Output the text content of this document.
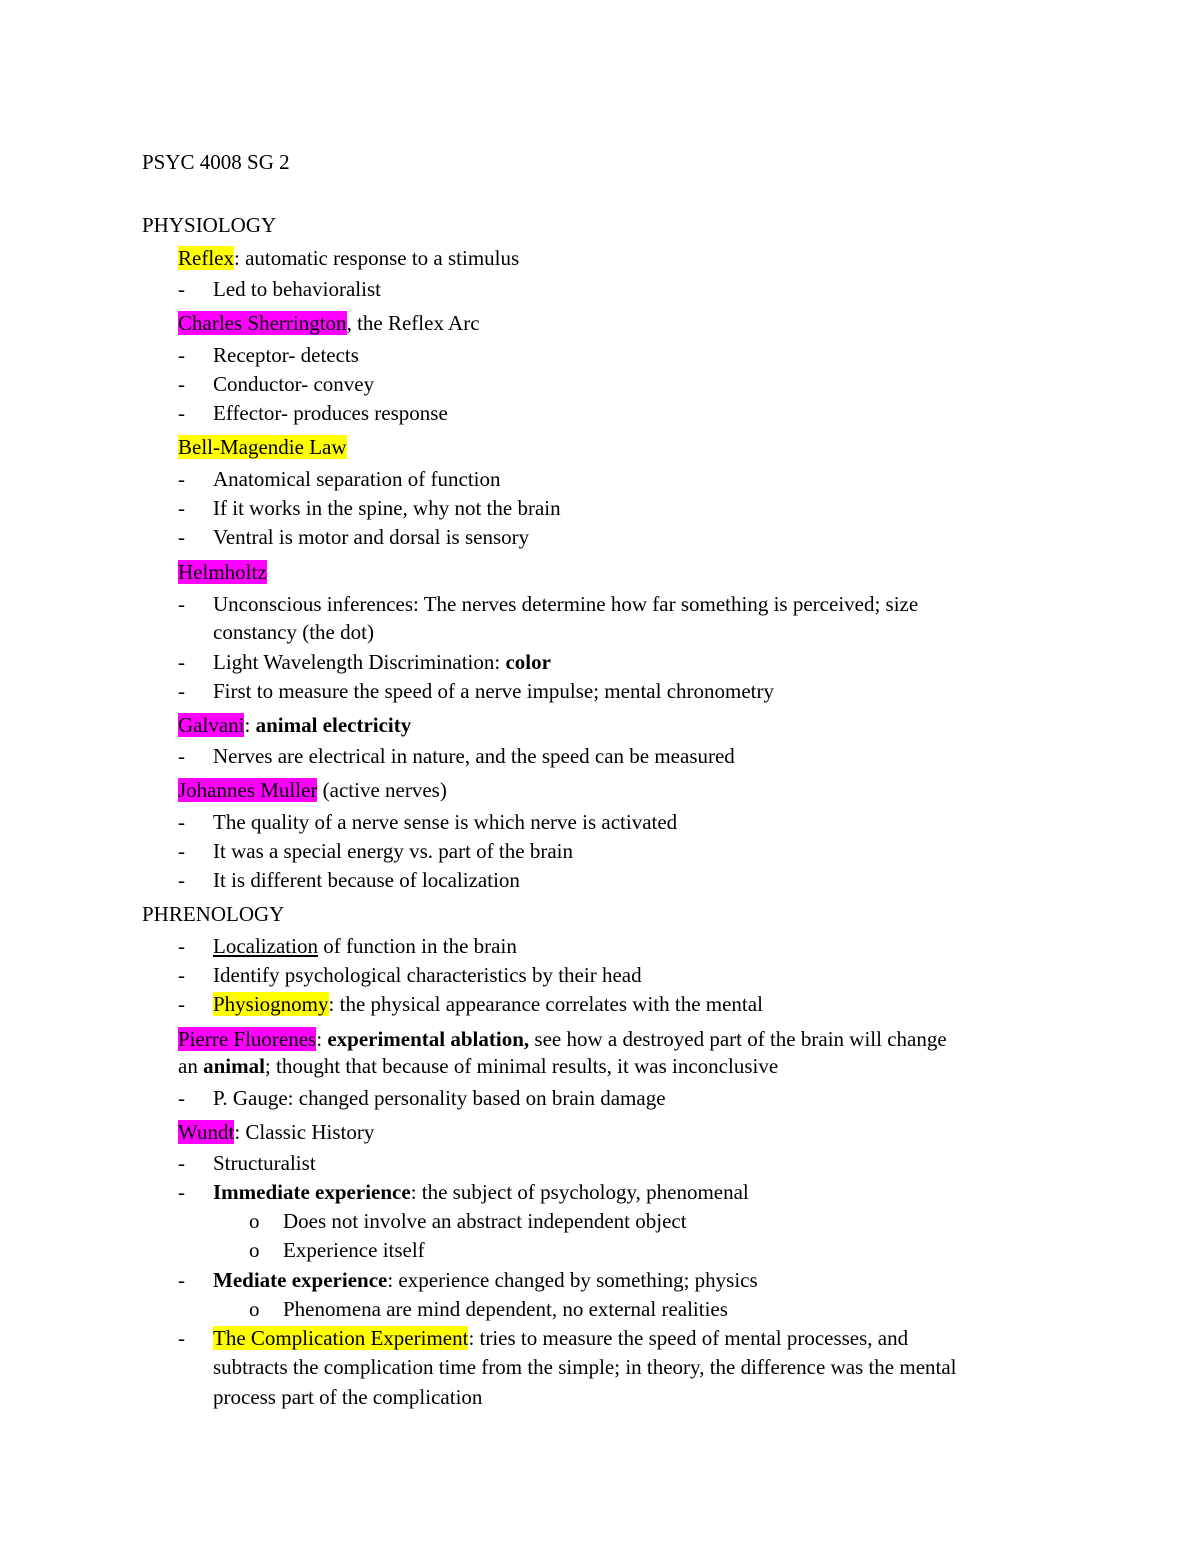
PSYC 4008 SG 2
PHYSIOLOGY
Reflex: automatic response to a stimulus
- Led to behavioralist
Charles Sherrington, the Reflex Arc
- Receptor- detects
- Conductor- convey
- Effector- produces response
Bell-Magendie Law
- Anatomical separation of function
- If it works in the spine, why not the brain
- Ventral is motor and dorsal is sensory
Helmholtz
- Unconscious inferences: The nerves determine how far something is perceived; size
constancy (the dot)
- Light Wavelength Discrimination: color
- First to measure the speed of a nerve impulse; mental chronometry
Galvani: animal electricity
- Nerves are electrical in nature, and the speed can be measured
Johannes Muller (active nerves)
- The quality of a nerve sense is which nerve is activated
- It was a special energy vs. part of the brain
- It is different because of localization
PHRENOLOGY
- Localization of function in the brain
- Identify psychological characteristics by their head
- Physiognomy: the physical appearance correlates with the mental
Pierre Fluorenes: experimental ablation, see how a destroyed part of the brain will change
an animal; thought that because of minimal results, it was inconclusive
- P. Gauge: changed personality based on brain damage
Wundt: Classic History
- Structuralist
- Immediate experience: the subject of psychology, phenomenal
o Does not involve an abstract independent object
o Experience itself
- Mediate experience: experience changed by something; physics
o Phenomena are mind dependent, no external realities
- The Complication Experiment: tries to measure the speed of mental processes, and
subtracts the complication time from the simple; in theory, the difference was the mental
process part of the complication
